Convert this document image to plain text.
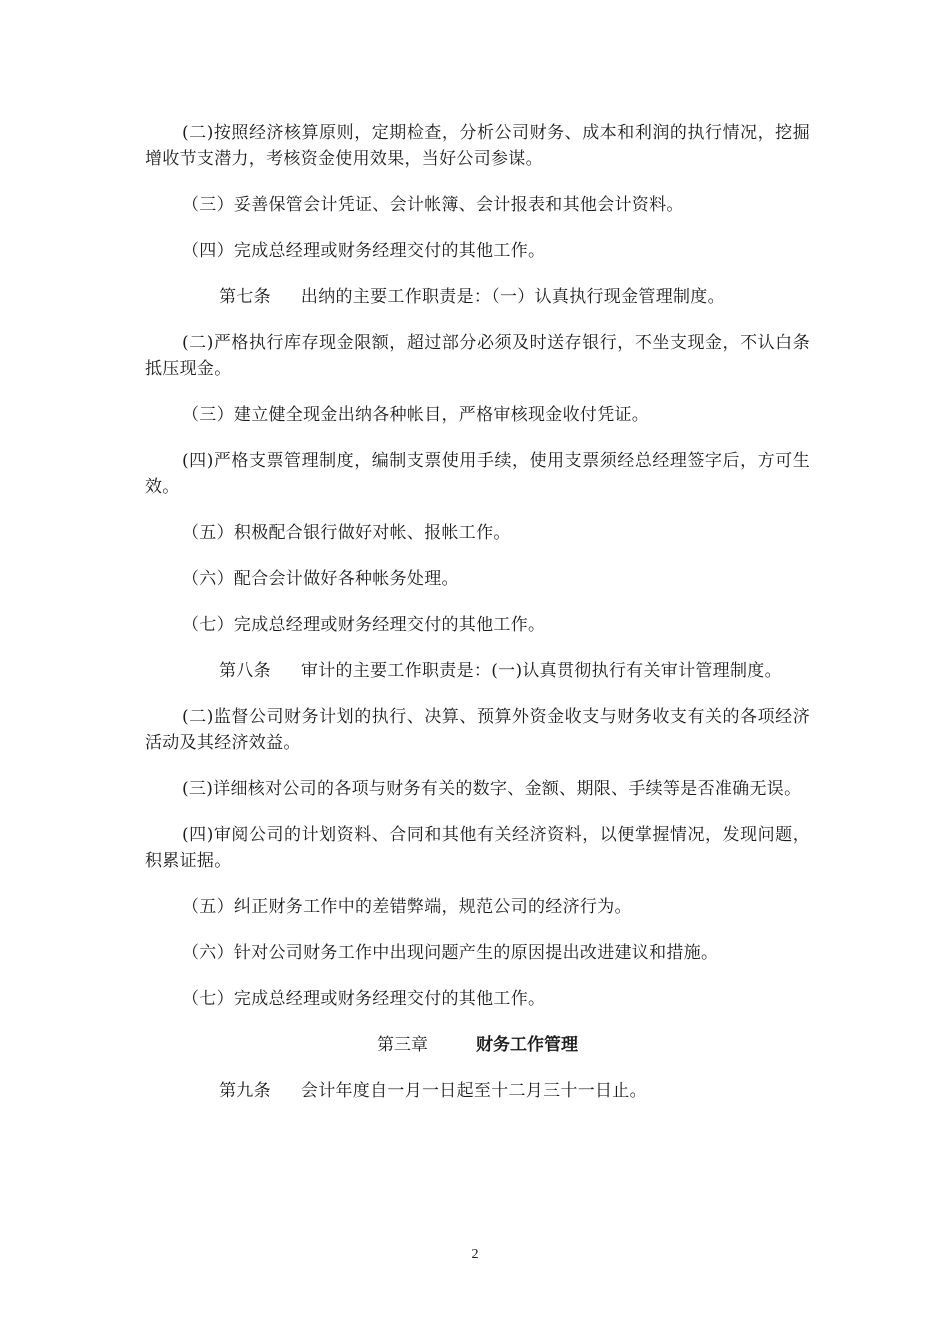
(二)按照经济核算原则，定期检查，分析公司财务、成本和利润的执行情况，挖掘增收节支潜力，考核资金使用效果，当好公司参谋。

（三）妥善保管会计凭证、会计帐簿、会计报表和其他会计资料。

（四）完成总经理或财务经理交付的其他工作。

第七条 出纳的主要工作职责是：（一）认真执行现金管理制度。

(二)严格执行库存现金限额，超过部分必须及时送存银行，不坐支现金，不认白条抵压现金。

（三）建立健全现金出纳各种帐目，严格审核现金收付凭证。

(四)严格支票管理制度，编制支票使用手续，使用支票须经总经理签字后，方可生效。

（五）积极配合银行做好对帐、报帐工作。

（六）配合会计做好各种帐务处理。

（七）完成总经理或财务经理交付的其他工作。

第八条 审计的主要工作职责是：(一)认真贯彻执行有关审计管理制度。

(二)监督公司财务计划的执行、决算、预算外资金收支与财务收支有关的各项经济活动及其经济效益。

(三)详细核对公司的各项与财务有关的数字、金额、期限、手续等是否准确无误。

(四)审阅公司的计划资料、合同和其他有关经济资料，以便掌握情况，发现问题，积累证据。

（五）纠正财务工作中的差错弊端，规范公司的经济行为。

（六）针对公司财务工作中出现问题产生的原因提出改进建议和措施。

（七）完成总经理或财务经理交付的其他工作。

第三章	财务工作管理

第九条 会计年度自一月一日起至十二月三十一日止。

2
